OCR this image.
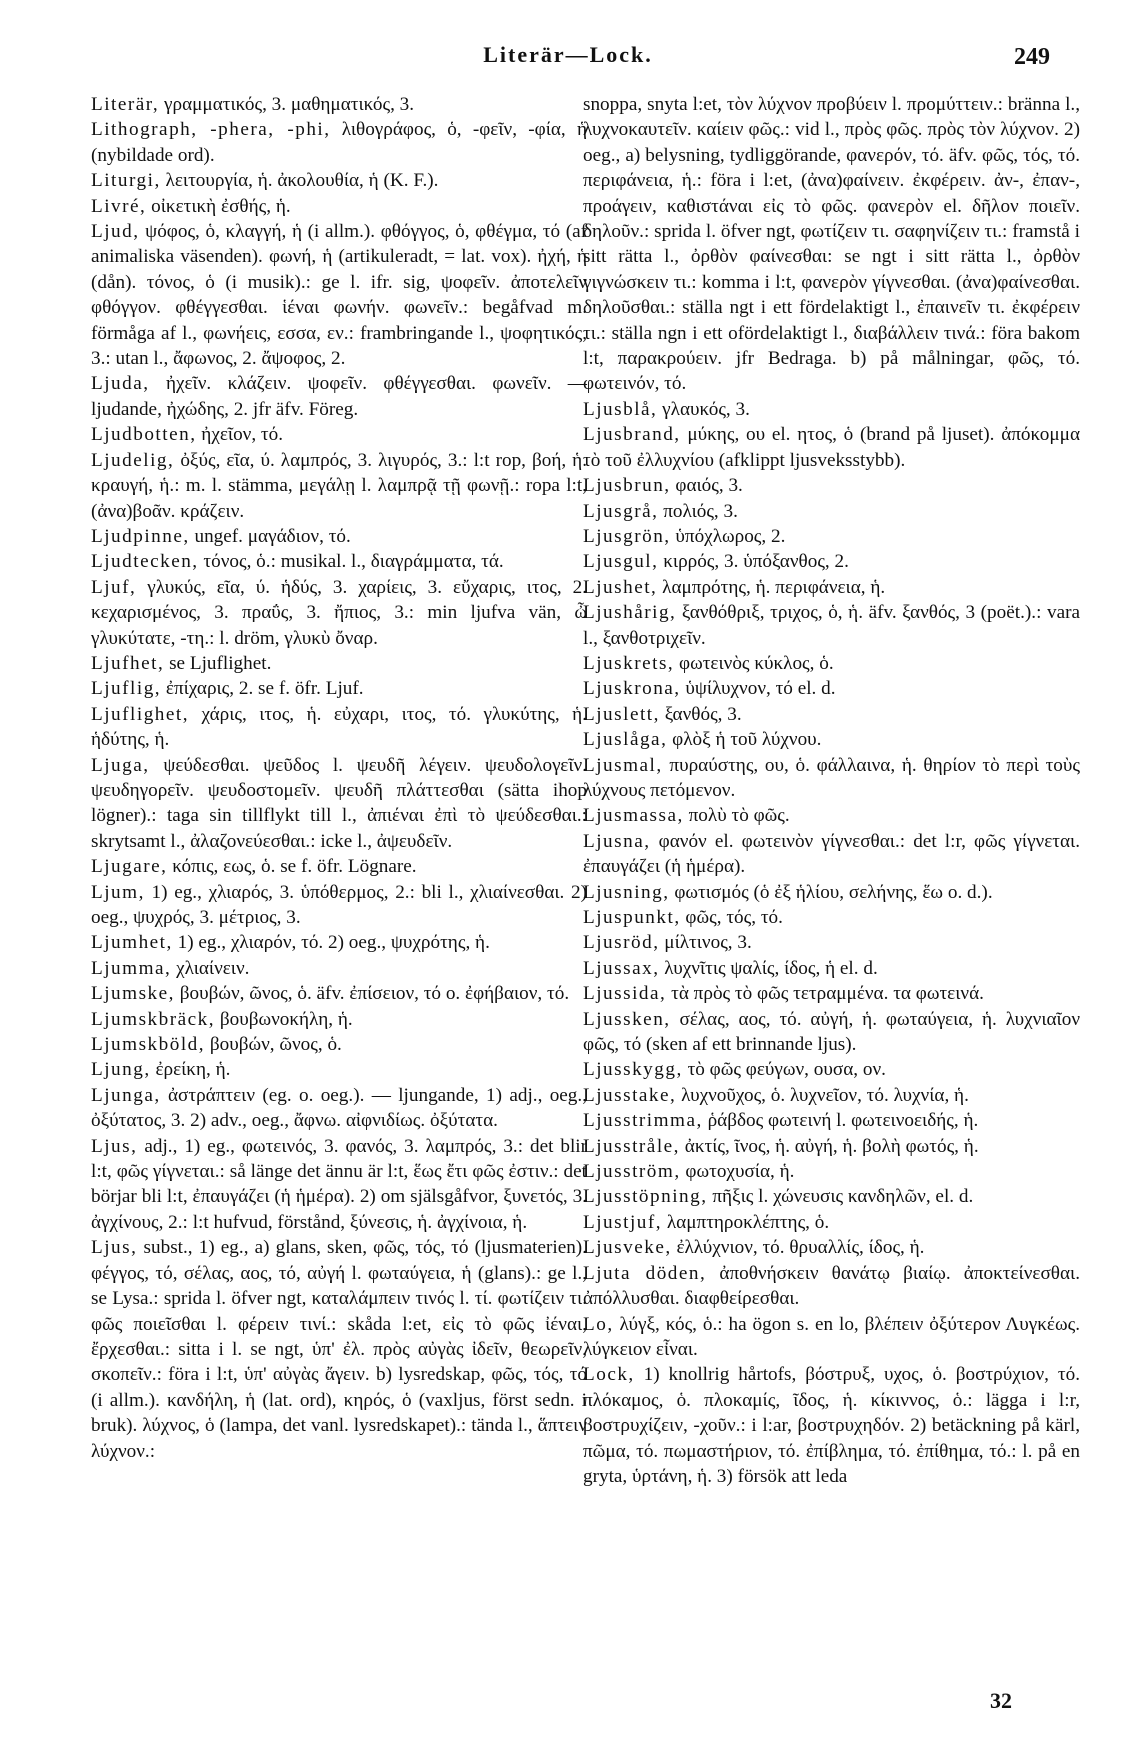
Literär—Lock.	249

Literär, γραμματικός, 3. μαθηματικός, 3.

Lithograph, -phera, -phi, λιθογράφος, ὁ, -φεῖν, -φία, ἡ (nybildade ord).

Liturgi, λειτουργία, ἡ. ἀκολουθία, ἡ (K. F.).

Livré, οἰκετικὴ ἐσθής, ἡ.

Ljud, ψόφος, ὁ, κλαγγή, ἡ (i allm.). φθόγγος, ὁ, φθέγμα, τό (af animaliska väsenden). φωνή, ἡ (artikuleradt, = lat. vox). ἠχή, ἡ (dån). τόνος, ὁ (i musik).: ge l. ifr. sig, ψοφεῖν. ἀποτελεῖν φθόγγον. φθέγγεσθαι. ἱέναι φωνήν. φωνεῖν.: begåfvad m. förmåga af l., φωνήεις, εσσα, εν.: frambringande l., ψοφητικός, 3.: utan l., ἄφωνος, 2. ἄψοφος, 2.

Ljuda, ἠχεῖν. κλάζειν. ψοφεῖν. φθέγγεσθαι. φωνεῖν. — ljudande, ἠχώδης, 2. jfr äfv. Föreg.

Ljudbotten, ἠχεῖον, τό.

Ljudelig, ὀξύς, εῖα, ύ. λαμπρός, 3. λιγυρός, 3.: l:t rop, βοή, ἡ. κραυγή, ἡ.: m. l. stämma, μεγάλῃ l. λαμπρᾷ τῇ φωνῇ.: ropa l:t, (ἀνα)βοᾶν. κράζειν.

Ljudpinne, ungef. μαγάδιον, τό.

Ljudtecken, τόνος, ὁ.: musikal. l., διαγράμματα, τά.

Ljuf, γλυκύς, εῖα, ύ. ἡδύς, 3. χαρίεις, 3. εὔχαρις, ιτος, 2. κεχαρισμένος, 3. πραΰς, 3. ἤπιος, 3.: min ljufva vän, ὦ γλυκύτατε, -τη.: l. dröm, γλυκὺ ὄναρ.

Ljufhet, se Ljuflighet.

Ljuflig, ἐπίχαρις, 2. se f. öfr. Ljuf.

Ljuflighet, χάρις, ιτος, ἡ. εὐχαρι, ιτος, τό. γλυκύτης, ἡ. ἡδύτης, ἡ.

Ljuga, ψεύδεσθαι. ψεῦδος l. ψευδῆ λέγειν. ψευδολογεῖν. ψευδηγορεῖν. ψευδοστομεῖν. ψευδῆ πλάττεσθαι (sätta ihop lögner).: taga sin tillflykt till l., ἀπιέναι ἐπὶ τὸ ψεύδεσθαι.: skrytsamt l., ἀλαζονεύεσθαι.: icke l., ἀψευδεῖν.

Ljugare, κόπις, εως, ὁ. se f. öfr. Lögnare.

Ljum, 1) eg., χλιαρός, 3. ὑπόθερμος, 2.: bli l., χλιαίνεσθαι. 2) oeg., ψυχρός, 3. μέτριος, 3.

Ljumhet, 1) eg., χλιαρόν, τό. 2) oeg., ψυχρότης, ἡ.

Ljumma, χλιαίνειν.

Ljumske, βουβών, ῶνος, ὁ. äfv. ἐπίσειον, τό o. ἐφήβαιον, τό.

Ljumskbräck, βουβωνοκήλη, ἡ.

Ljumskböld, βουβών, ῶνος, ὁ.

Ljung, ἐρείκη, ἡ.

Ljunga, ἀστράπτειν (eg. o. oeg.). — ljungande, 1) adj., oeg., ὀξύτατος, 3. 2) adv., oeg., ἄφνω. αἰφνιδίως. ὀξύτατα.

Ljus, adj., 1) eg., φωτεινός, 3. φανός, 3. λαμπρός, 3.: det blir l:t, φῶς γίγνεται.: så länge det ännu är l:t, ἕως ἔτι φῶς ἐστιν.: det börjar bli l:t, ἐπαυγάζει (ἡ ἡμέρα). 2) om själsgåfvor, ξυνετός, 3. ἀγχίνους, 2.: l:t hufvud, förstånd, ξύνεσις, ἡ. ἀγχίνοια, ἡ.

Ljus, subst., 1) eg., a) glans, sken, φῶς, τός, τό (ljusmaterien). φέγγος, τό, σέλας, αος, τό, αὐγή l. φωταύγεια, ἡ (glans).: ge l., se Lysa.: sprida l. öfver ngt, καταλάμπειν τινός l. τί. φωτίζειν τι. φῶς ποιεῖσθαι l. φέρειν τινί.: skåda l:et, εἰς τὸ φῶς ἰέναι, ἔρχεσθαι.: sitta i l. se ngt, ὑπ' ἐλ. πρὸς αὐγὰς ἰδεῖν, θεωρεῖν, σκοπεῖν.: föra i l:t, ὑπ' αὐγὰς ἄγειν. b) lysredskap, φῶς, τός, τό (i allm.). κανδήλη, ἡ (lat. ord), κηρός, ὁ (vaxljus, först sedn. i bruk). λύχνος, ὁ (lampa, det vanl. lysredskapet).: tända l., ἅπτειν λύχνον.:

snoppa, snyta l:et, τὸν λύχνον προβύειν l. προμύττειν.: bränna l., λυχνοκαυτεῖν. καίειν φῶς.: vid l., πρὸς φῶς. πρὸς τὸν λύχνον. 2) oeg., a) belysning, tydliggörande, φανερόν, τό. äfv. φῶς, τός, τό. περιφάνεια, ἡ.: föra i l:et, (ἀνα)φαίνειν. ἐκφέρειν. ἀν-, ἐπαν-, προάγειν, καθιστάναι εἰς τὸ φῶς. φανερὸν el. δῆλον ποιεῖν. δηλοῦν.: sprida l. öfver ngt, φωτίζειν τι. σαφηνίζειν τι.: framstå i sitt rätta l., ὀρθὸν φαίνεσθαι: se ngt i sitt rätta l., ὀρθὸν γιγνώσκειν τι.: komma i l:t, φανερὸν γίγνεσθαι. (ἀνα)φαίνεσθαι. δηλοῦσθαι.: ställa ngt i ett fördelaktigt l., ἐπαινεῖν τι. ἐκφέρειν τι.: ställa ngn i ett ofördelaktigt l., διαβάλλειν τινά.: föra bakom l:t, παρακρούειν. jfr Bedraga. b) på målningar, φῶς, τό. φωτεινόν, τό.

Ljusblå, γλαυκός, 3.

Ljusbrand, μύκης, ου el. ητος, ὁ (brand på ljuset). ἀπόκομμα τὸ τοῦ ἐλλυχνίου (afklippt ljusveksstybb).

Ljusbrun, φαιός, 3.

Ljusgrå, πολιός, 3.

Ljusgrön, ὑπόχλωρος, 2.

Ljusgul, κιρρός, 3. ὑπόξανθος, 2.

Ljushet, λαμπρότης, ἡ. περιφάνεια, ἡ.

Ljushårig, ξανθόθριξ, τριχος, ὁ, ἡ. äfv. ξανθός, 3 (poët.).: vara l., ξανθοτριχεῖν.

Ljuskrets, φωτεινὸς κύκλος, ὁ.

Ljuskrona, ὑψίλυχνον, τό el. d.

Ljuslett, ξανθός, 3.

Ljuslåga, φλὸξ ἡ τοῦ λύχνου.

Ljusmal, πυραύστης, ου, ὁ. φάλλαινα, ἡ. θηρίον τὸ περὶ τοὺς λύχνους πετόμενον.

Ljusmassa, πολὺ τὸ φῶς.

Ljusna, φανόν el. φωτεινὸν γίγνεσθαι.: det l:r, φῶς γίγνεται. ἐπαυγάζει (ἡ ἡμέρα).

Ljusning, φωτισμός (ὁ ἐξ ἡλίου, σελήνης, ἕω o. d.).

Ljuspunkt, φῶς, τός, τό.

Ljusröd, μίλτινος, 3.

Ljussax, λυχνῖτις ψαλίς, ίδος, ἡ el. d.

Ljussida, τὰ πρὸς τὸ φῶς τετραμμένα. τα φωτεινά.

Ljussken, σέλας, αος, τό. αὐγή, ἡ. φωταύγεια, ἡ. λυχνιαῖον φῶς, τό (sken af ett brinnande ljus).

Ljusskygg, τὸ φῶς φεύγων, ουσα, ον.

Ljusstake, λυχνοῦχος, ὁ. λυχνεῖον, τό. λυχνία, ἡ.

Ljusstrimma, ῥάβδος φωτεινή l. φωτεινοειδής, ἡ.

Ljusstråle, ἀκτίς, ῖνος, ἡ. αὐγή, ἡ. βολὴ φωτός, ἡ.

Ljusström, φωτοχυσία, ἡ.

Ljusstöpning, πῆξις l. χώνευσις κανδηλῶν, el. d.

Ljustjuf, λαμπτηροκλέπτης, ὁ.

Ljusveke, ἐλλύχνιον, τό. θρυαλλίς, ίδος, ἡ.

Ljuta döden, ἀποθνήσκειν θανάτῳ βιαίῳ. ἀποκτείνεσθαι. ἀπόλλυσθαι. διαφθείρεσθαι.

Lo, λύγξ, κός, ὁ.: ha ögon s. en lo, βλέπειν ὀξύτερον Λυγκέως. λύγκειον εἶναι.

Lock, 1) knollrig hårtofs, βόστρυξ, υχος, ὁ. βοστρύχιον, τό. πλόκαμος, ὁ. πλοκαμίς, ῖδος, ἡ. κίκιννος, ὁ.: lägga i l:r, βοστρυχίζειν, -χοῦν.: i l:ar, βοστρυχηδόν. 2) betäckning på kärl, πῶμα, τό. πωμαστήριον, τό. ἐπίβλημα, τό. ἐπίθημα, τό.: l. på en gryta, ὑρτάνη, ἡ. 3) försök att leda

32
